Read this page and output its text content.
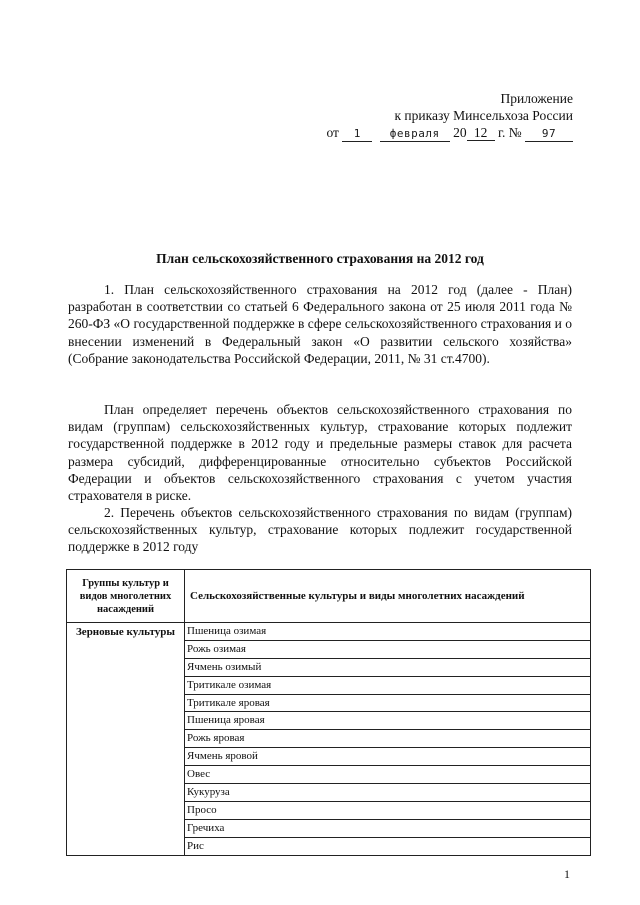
Приложение
к приказу Минсельхоза России
от 1	февраля 20 12 г. № 97
План сельскохозяйственного страхования на 2012 год

1. План сельскохозяйственного страхования на 2012 год (далее - План) разработан в соответствии со статьей 6 Федерального закона от 25 июля 2011 года № 260-ФЗ «О государственной поддержке в сфере сельскохозяйственного страхования и о внесении изменений в Федеральный закон «О развитии сельского хозяйства» (Собрание законодательства Российской Федерации, 2011, № 31 ст.4700).

План определяет перечень объектов сельскохозяйственного страхования по видам (группам) сельскохозяйственных культур, страхование которых подлежит государственной поддержке в 2012 году и предельные размеры ставок для расчета размера субсидий, дифференцированные относительно субъектов Российской Федерации и объектов сельскохозяйственного страхования с учетом участия страхователя в риске.

2. Перечень объектов сельскохозяйственного страхования по видам (группам) сельскохозяйственных культур, страхование которых подлежит государственной поддержке в 2012 году

Группы культур и видов многолетних насаждений	Сельскохозяйственные культуры и виды многолетних насаждений
Зерновые культуры	Пшеница озимая
	Рожь озимая
	Ячмень озимый
	Тритикале озимая
	Тритикале яровая
	Пшеница яровая
	Рожь яровая
	Ячмень яровой
	Овес
	Кукуруза
	Просо
	Гречиха
	Рис
1
